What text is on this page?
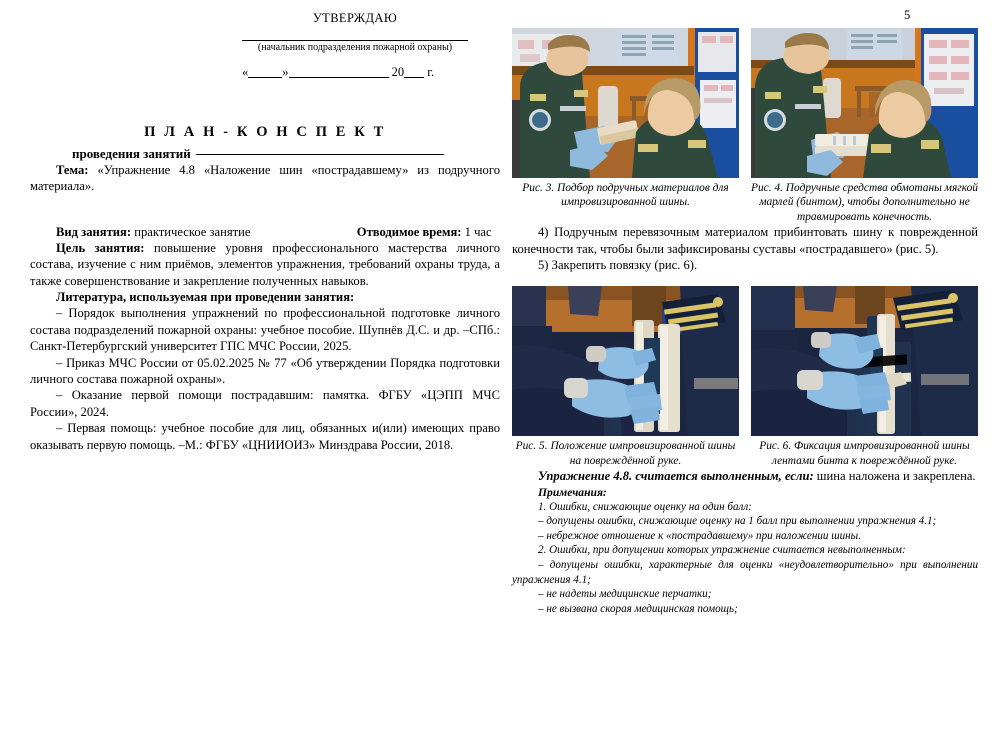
УТВЕРЖДАЮ
(начальник подразделения пожарной охраны)
«	»	20 г.
П Л А Н - К О Н С П Е К Т
проведения занятий

Тема: «Упражнение 4.8 «Наложение шин «пострадавшему» из подручного материала».

Вид занятия: практическое занятие	Отводимое время: 1 час

Цель занятия: повышение уровня профессионального мастерства личного состава, изучение с ним приёмов, элементов упражнения, требований охраны труда, а также совершенствование и закрепление полученных навыков.

Литература, используемая при проведении занятия:

– Порядок выполнения упражнений по профессиональной подготовке личного состава подразделений пожарной охраны: учебное пособие. Шупнёв Д.С. и др. –СПб.: Санкт-Петербургский университет ГПС МЧС России, 2025.

– Приказ МЧС России от 05.02.2025 № 77 «Об утверждении Порядка подготовки личного состава пожарной охраны».

– Оказание первой помощи пострадавшим: памятка. ФГБУ «ЦЭПП МЧС России», 2024.

– Первая помощь: учебное пособие для лиц, обязанных и(или) имеющих право оказывать первую помощь. –М.: ФГБУ «ЦНИИОИЗ» Минздрава России, 2018.

5
Рис. 3. Подбор подручных материалов для импровизированной шины.
Рис. 4. Подручные средства обмотаны мягкой марлей (бинтом), чтобы дополнительно не травмировать конечность.

4) Подручным перевязочным материалом прибинтовать шину к поврежденной конечности так, чтобы были зафиксированы суставы «пострадавшего» (рис. 5).

5) Закрепить повязку (рис. 6).

Рис. 5. Положение импровизированной шины на повреждённой руке.
Рис. 6. Фиксация импровизированной шины лентами бинта к повреждённой руке.

Упражнение 4.8. считается выполненным, если: шина наложена и закреплена.

Примечания:

1. Ошибки, снижающие оценку на один балл:

– допущены ошибки, снижающие оценку на 1 балл при выполнении упражнения 4.1;

– небрежное отношение к «пострадавшему» при наложении шины.

2. Ошибки, при допущении которых упражнение считается невыполненным:

– допущены ошибки, характерные для оценки «неудовлетворительно» при выполнении упражнения 4.1;

– не надеты медицинские перчатки;

– не вызвана скорая медицинская помощь;
